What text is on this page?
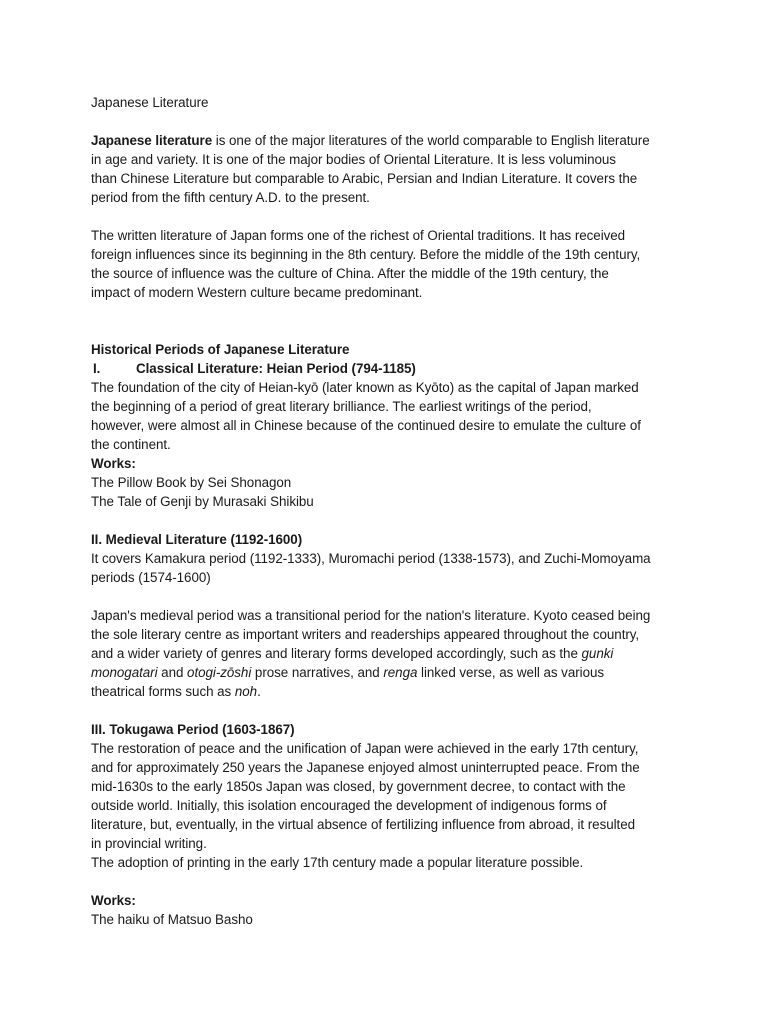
Japanese Literature
Japanese literature is one of the major literatures of the world comparable to English literature
in age and variety. It is one of the major bodies of Oriental Literature. It is less voluminous
than Chinese Literature but comparable to Arabic, Persian and Indian Literature. It covers the
period from the fifth century A.D. to the present.
The written literature of Japan forms one of the richest of Oriental traditions. It has received
foreign influences since its beginning in the 8th century. Before the middle of the 19th century,
the source of influence was the culture of China. After the middle of the 19th century, the
impact of modern Western culture became predominant.
Historical Periods of Japanese Literature
I.	Classical Literature: Heian Period (794-1185)
The foundation of the city of Heian-kyō (later known as Kyōto) as the capital of Japan marked
the beginning of a period of great literary brilliance. The earliest writings of the period,
however, were almost all in Chinese because of the continued desire to emulate the culture of
the continent.
Works:
The Pillow Book by Sei Shonagon
The Tale of Genji by Murasaki Shikibu
II. Medieval Literature (1192-1600)
It covers Kamakura period (1192-1333), Muromachi period (1338-1573), and Zuchi-Momoyama
periods (1574-1600)
Japan's medieval period was a transitional period for the nation's literature. Kyoto ceased being
the sole literary centre as important writers and readerships appeared throughout the country,
and a wider variety of genres and literary forms developed accordingly, such as the gunki
monogatari and otogi-zōshi prose narratives, and renga linked verse, as well as various
theatrical forms such as noh.
III. Tokugawa Period (1603-1867)
The restoration of peace and the unification of Japan were achieved in the early 17th century,
and for approximately 250 years the Japanese enjoyed almost uninterrupted peace. From the
mid-1630s to the early 1850s Japan was closed, by government decree, to contact with the
outside world. Initially, this isolation encouraged the development of indigenous forms of
literature, but, eventually, in the virtual absence of fertilizing influence from abroad, it resulted
in provincial writing.
The adoption of printing in the early 17th century made a popular literature possible.
Works:
The haiku of Matsuo Basho
